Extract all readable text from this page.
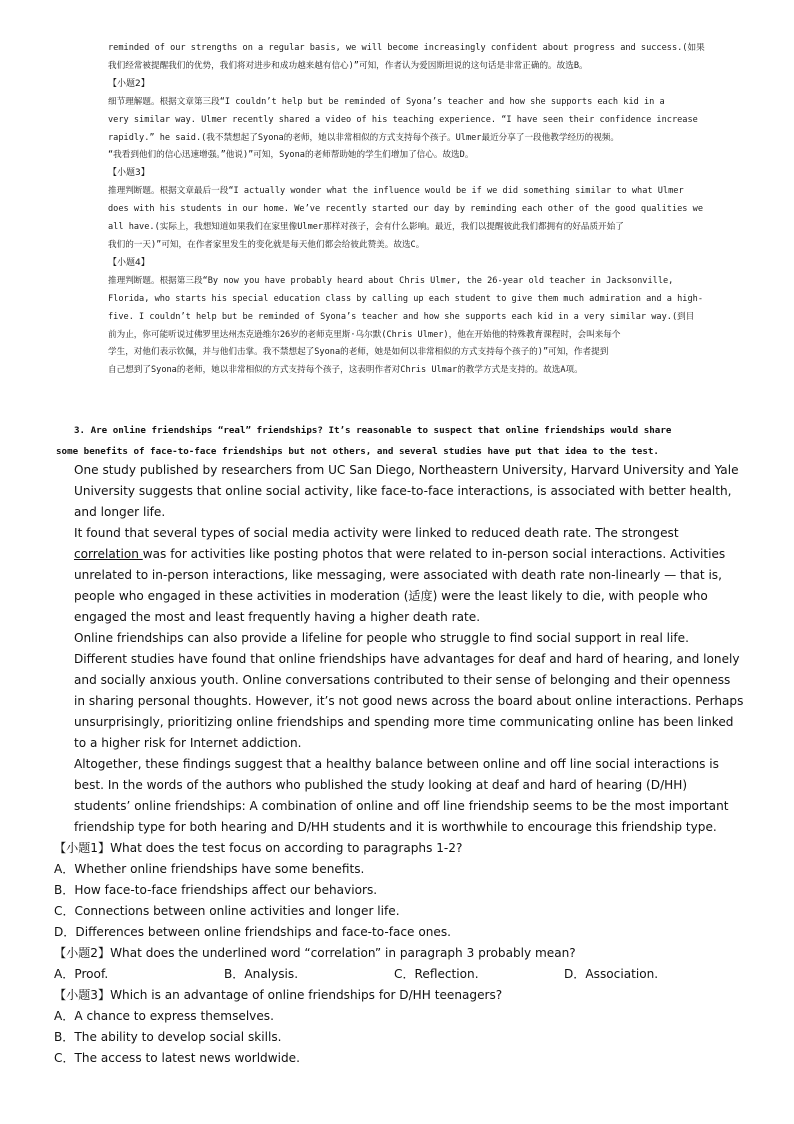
reminded of our strengths on a regular basis, we will become increasingly confident about progress and success.(如果

我们经常被提醒我们的优势，我们将对进步和成功越来越有信心)”可知，作者认为爱因斯坦说的这句话是非常正确的。故选B。

【小题2】

细节理解题。根据文章第三段“I couldn’t help but be reminded of Syona’s teacher and how she supports each kid in a

very similar way. Ulmer recently shared a video of his teaching experience. “I have seen their confidence increase

rapidly.” he said.(我不禁想起了Syona的老师，她以非常相似的方式支持每个孩子。Ulmer最近分享了一段他教学经历的视频。

“我看到他们的信心迅速增强。”他说)”可知，Syona的老师帮助她的学生们增加了信心。故选D。

【小题3】

推理判断题。根据文章最后一段“I actually wonder what the influence would be if we did something similar to what Ulmer

does with his students in our home. We’ve recently started our day by reminding each other of the good qualities we

all have.(实际上，我想知道如果我们在家里像Ulmer那样对孩子，会有什么影响。最近，我们以提醒彼此我们都拥有的好品质开始了

我们的一天)”可知，在作者家里发生的变化就是每天他们都会给彼此赞美。故选C。

【小题4】

推理判断题。根据第三段“By now you have probably heard about Chris Ulmer, the 26-year old teacher in Jacksonville,

Florida, who starts his special education class by calling up each student to give them much admiration and a high-

five. I couldn’t help but be reminded of Syona’s teacher and how she supports each kid in a very similar way.(到目

前为止，你可能听说过佛罗里达州杰克逊维尔26岁的老师克里斯·乌尔默(Chris Ulmer)，他在开始他的特殊教育课程时，会叫来每个

学生，对他们表示钦佩，并与他们击掌。我不禁想起了Syona的老师，她是如何以非常相似的方式支持每个孩子的)”可知，作者提到

自己想到了Syona的老师，她以非常相似的方式支持每个孩子，这表明作者对Chris Ulmar的教学方式是支持的。故选A项。

3. Are online friendships “real” friendships? It’s reasonable to suspect that online friendships would share

some benefits of face-to-face friendships but not others, and several studies have put that idea to the test.

One study published by researchers from UC San Diego, Northeastern University, Harvard University and Yale University suggests that online social activity, like face-to-face interactions, is associated with better health, and longer life.

It found that several types of social media activity were linked to reduced death rate. The strongest correlation was for activities like posting photos that were related to in-person social interactions. Activities unrelated to in-person interactions, like messaging, were associated with death rate non-linearly — that is, people who engaged in these activities in moderation (适度) were the least likely to die, with people who engaged the most and least frequently having a higher death rate.

Online friendships can also provide a lifeline for people who struggle to find social support in real life. Different studies have found that online friendships have advantages for deaf and hard of hearing, and lonely and socially anxious youth. Online conversations contributed to their sense of belonging and their openness in sharing personal thoughts. However, it’s not good news across the board about online interactions. Perhaps unsurprisingly, prioritizing online friendships and spending more time communicating online has been linked to a higher risk for Internet addiction.

Altogether, these findings suggest that a healthy balance between online and off line social interactions is best. In the words of the authors who published the study looking at deaf and hard of hearing (D/HH) students’ online friendships: A combination of online and off line friendship seems to be the most important friendship type for both hearing and D/HH students and it is worthwhile to encourage this friendship type.

【小题1】What does the test focus on according to paragraphs 1-2?

A．Whether online friendships have some benefits.

B．How face-to-face friendships affect our behaviors.

C．Connections between online activities and longer life.

D．Differences between online friendships and face-to-face ones.

【小题2】What does the underlined word “correlation” in paragraph 3 probably mean?

A．Proof.	B．Analysis.	C．Reflection.	D．Association.

【小题3】Which is an advantage of online friendships for D/HH teenagers?

A．A chance to express themselves.

B．The ability to develop social skills.

C．The access to latest news worldwide.
